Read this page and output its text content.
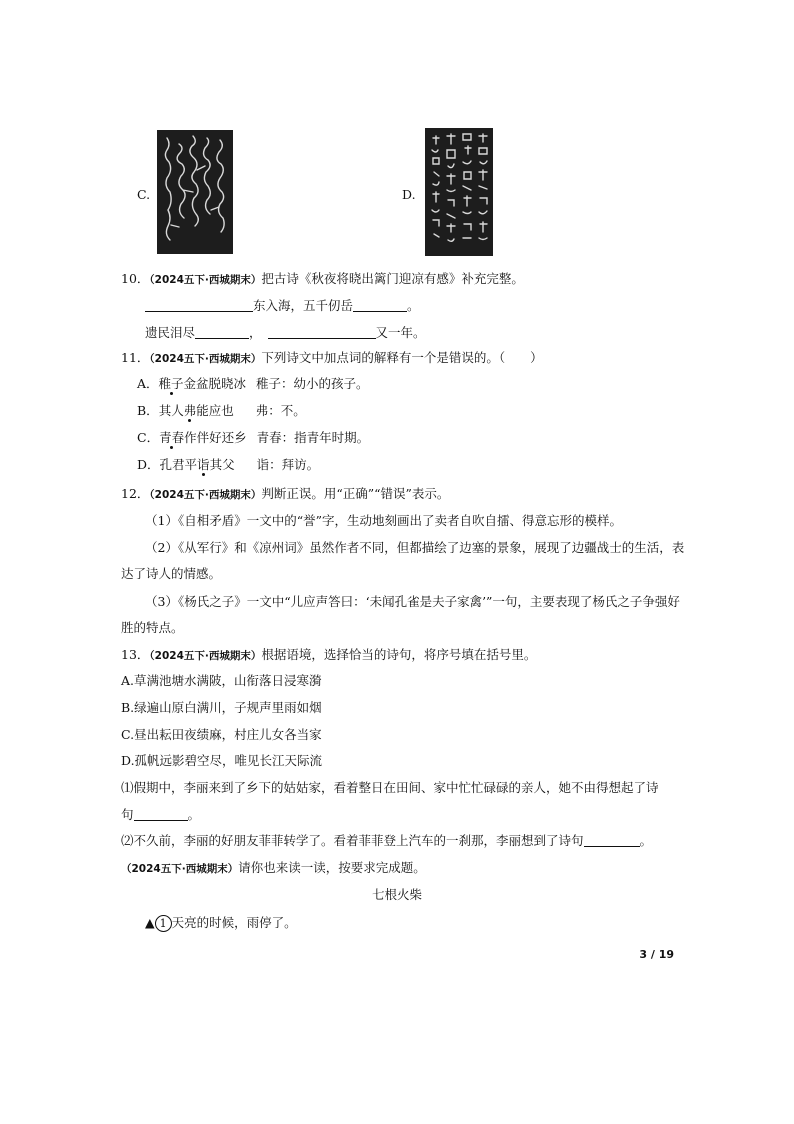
C.	D.
10．（2024五下·西城期末）把古诗《秋夜将晓出篱门迎凉有感》补充完整。
东入海，五千仞岳	。
遗民泪尽	，	又一年。
11．（2024五下·西城期末）下列诗文中加点词的解释有一个是错误的。（　　）
A．稚子金盆脱晓冰 稚子：幼小的孩子。
B．其人弗能应也 弗：不。
C．青春作伴好还乡 青春：指青年时期。
D．孔君平诣其父 诣：拜访。
12．（2024五下·西城期末）判断正误。用“正确”“错误”表示。
（1）《自相矛盾》一文中的“誉”字，生动地刻画出了卖者自吹自擂、得意忘形的模样。
（2）《从军行》和《凉州词》虽然作者不同，但都描绘了边塞的景象，展现了边疆战士的生活，表
达了诗人的情感。
（3）《杨氏之子》一文中“儿应声答曰：‘未闻孔雀是夫子家禽’”一句，主要表现了杨氏之子争强好
胜的特点。
13．（2024五下·西城期末）根据语境，选择恰当的诗句，将序号填在括号里。
A.草满池塘水满陂，山衔落日浸寒漪
B.绿遍山原白满川，子规声里雨如烟
C.昼出耘田夜绩麻，村庄儿女各当家
D.孤帆远影碧空尽，唯见长江天际流
⑴假期中，李丽来到了乡下的姑姑家，看着整日在田间、家中忙忙碌碌的亲人，她不由得想起了诗
句	。
⑵不久前，李丽的好朋友菲菲转学了。看着菲菲登上汽车的一刹那，李丽想到了诗句	。
（2024五下·西城期末）请你也来读一读，按要求完成题。
七根火柴
▲ 1 天亮的时候，雨停了。
3 / 19
